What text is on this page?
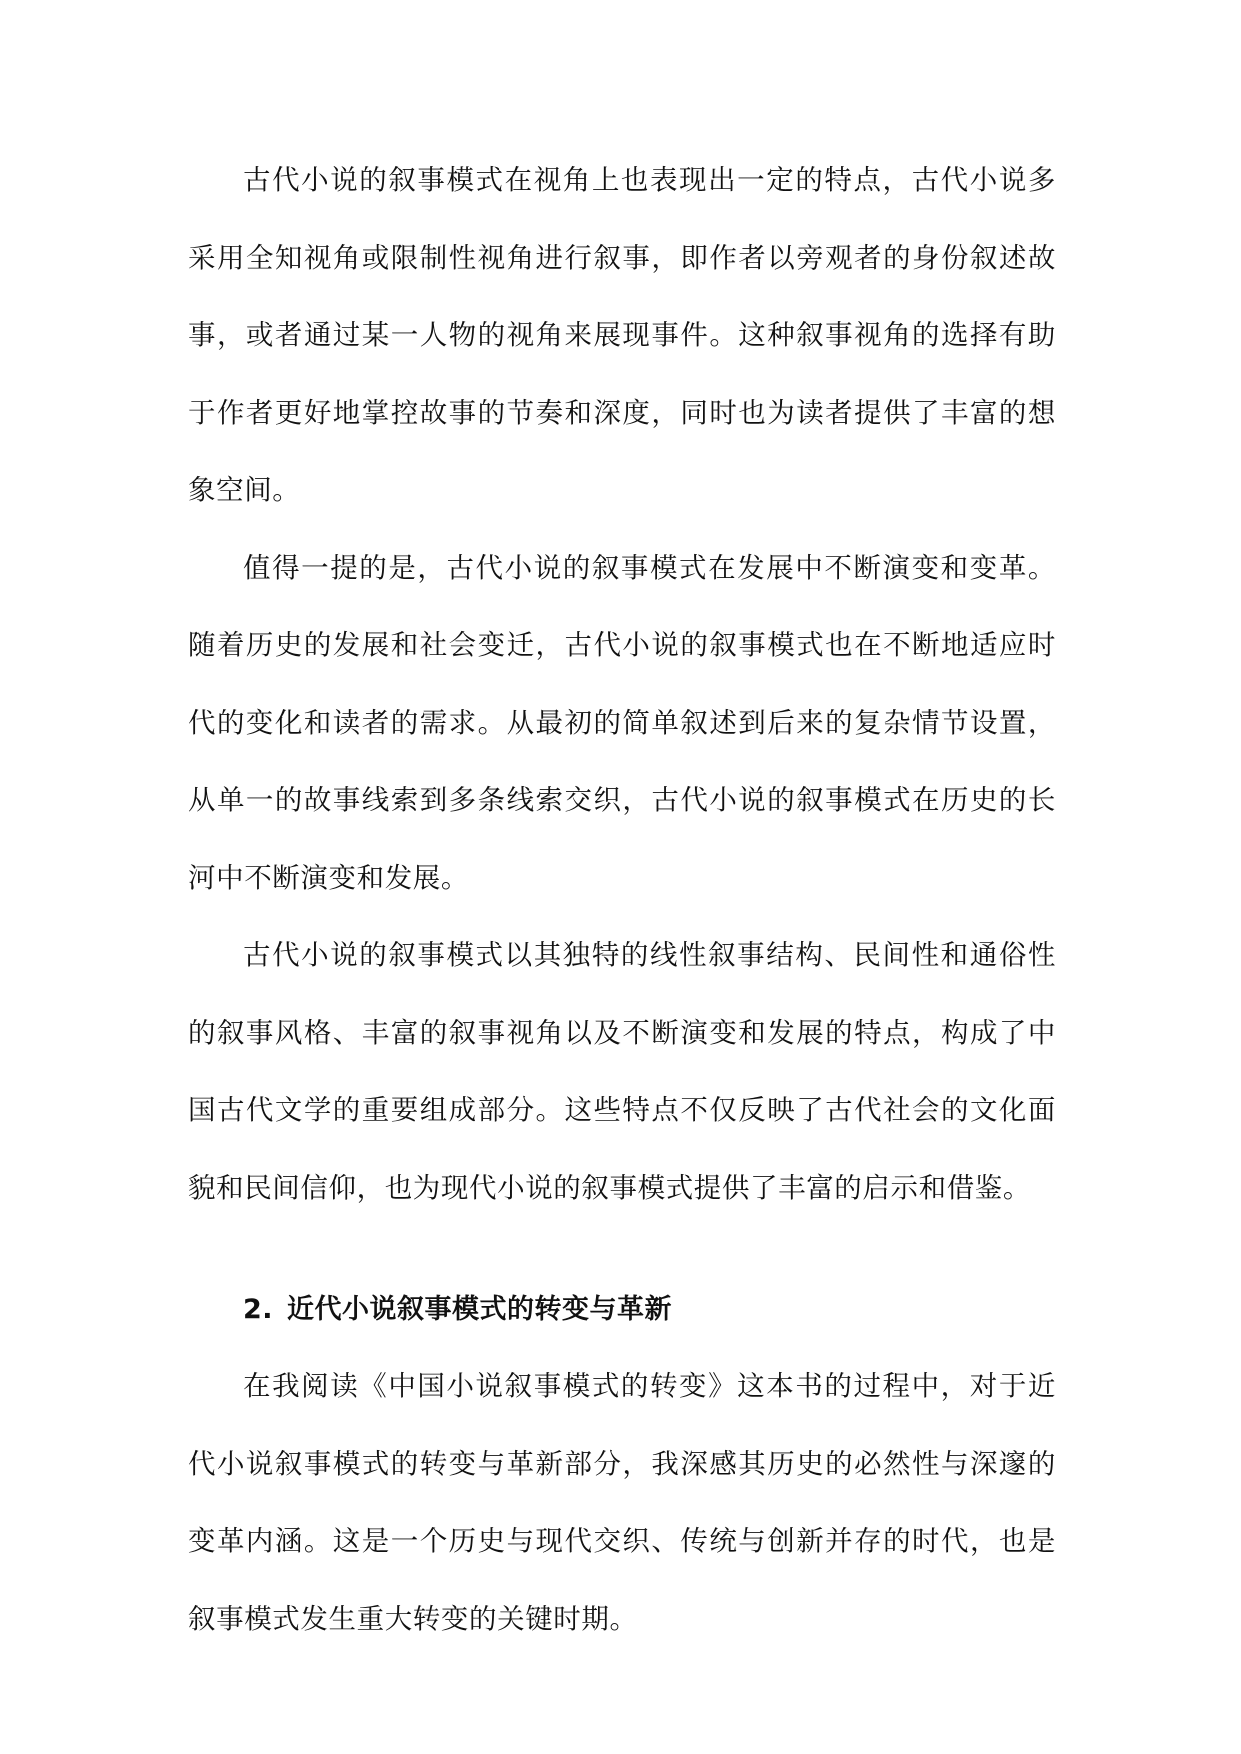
古代小说的叙事模式在视角上也表现出一定的特点，古代小说多采用全知视角或限制性视角进行叙事，即作者以旁观者的身份叙述故事，或者通过某一人物的视角来展现事件。这种叙事视角的选择有助于作者更好地掌控故事的节奏和深度，同时也为读者提供了丰富的想象空间。

值得一提的是，古代小说的叙事模式在发展中不断演变和变革。随着历史的发展和社会变迁，古代小说的叙事模式也在不断地适应时代的变化和读者的需求。从最初的简单叙述到后来的复杂情节设置，从单一的故事线索到多条线索交织，古代小说的叙事模式在历史的长河中不断演变和发展。

古代小说的叙事模式以其独特的线性叙事结构、民间性和通俗性的叙事风格、丰富的叙事视角以及不断演变和发展的特点，构成了中国古代文学的重要组成部分。这些特点不仅反映了古代社会的文化面貌和民间信仰，也为现代小说的叙事模式提供了丰富的启示和借鉴。

2. 近代小说叙事模式的转变与革新

在我阅读《中国小说叙事模式的转变》这本书的过程中，对于近代小说叙事模式的转变与革新部分，我深感其历史的必然性与深邃的变革内涵。这是一个历史与现代交织、传统与创新并存的时代，也是叙事模式发生重大转变的关键时期。
